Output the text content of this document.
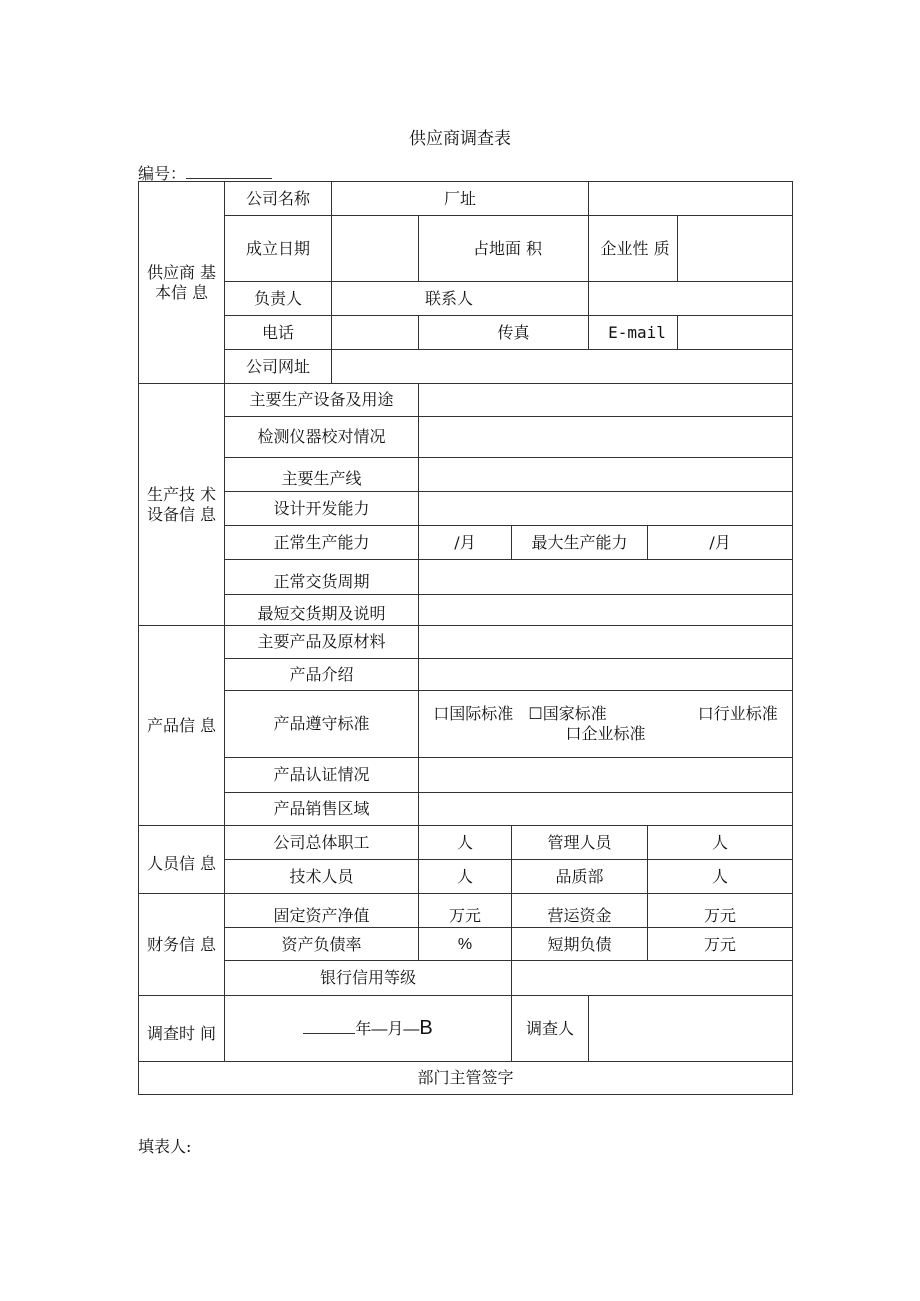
供应商调查表
编号：
供应商 基
本信 息	公司名称	厂址					
	成立日期		占地面 积		企业性 质		
	负责人	联系人					
	电话		传真		E-mail		
	公司网址						

生产技 术
设备信 息	主要生产设备及用途						
	检测仪器校对情况						
	主要生产线						
	设计开发能力						
	正常生产能力		/月	最大生产能力		/月	
	正常交货周期						
	最短交货期及说明						
产品信 息	主要产品及原材料						
	产品介绍						
	产品遵守标准		口国际标准 ☐国家标准 口行业标准
口企业标准				

	产品认证情况						
	产品销售区域						
人员信 息	公司总体职工		人	管理人员		人	
	技术人员		人	品质部		人	
财务信 息	固定资产净值		万元	营运资金		万元	
	资产负债率		%	短期负债		万元	
	银行信用等级						
调查时 间	年—月—B			调查人			
部门主管签字							
填表人:
